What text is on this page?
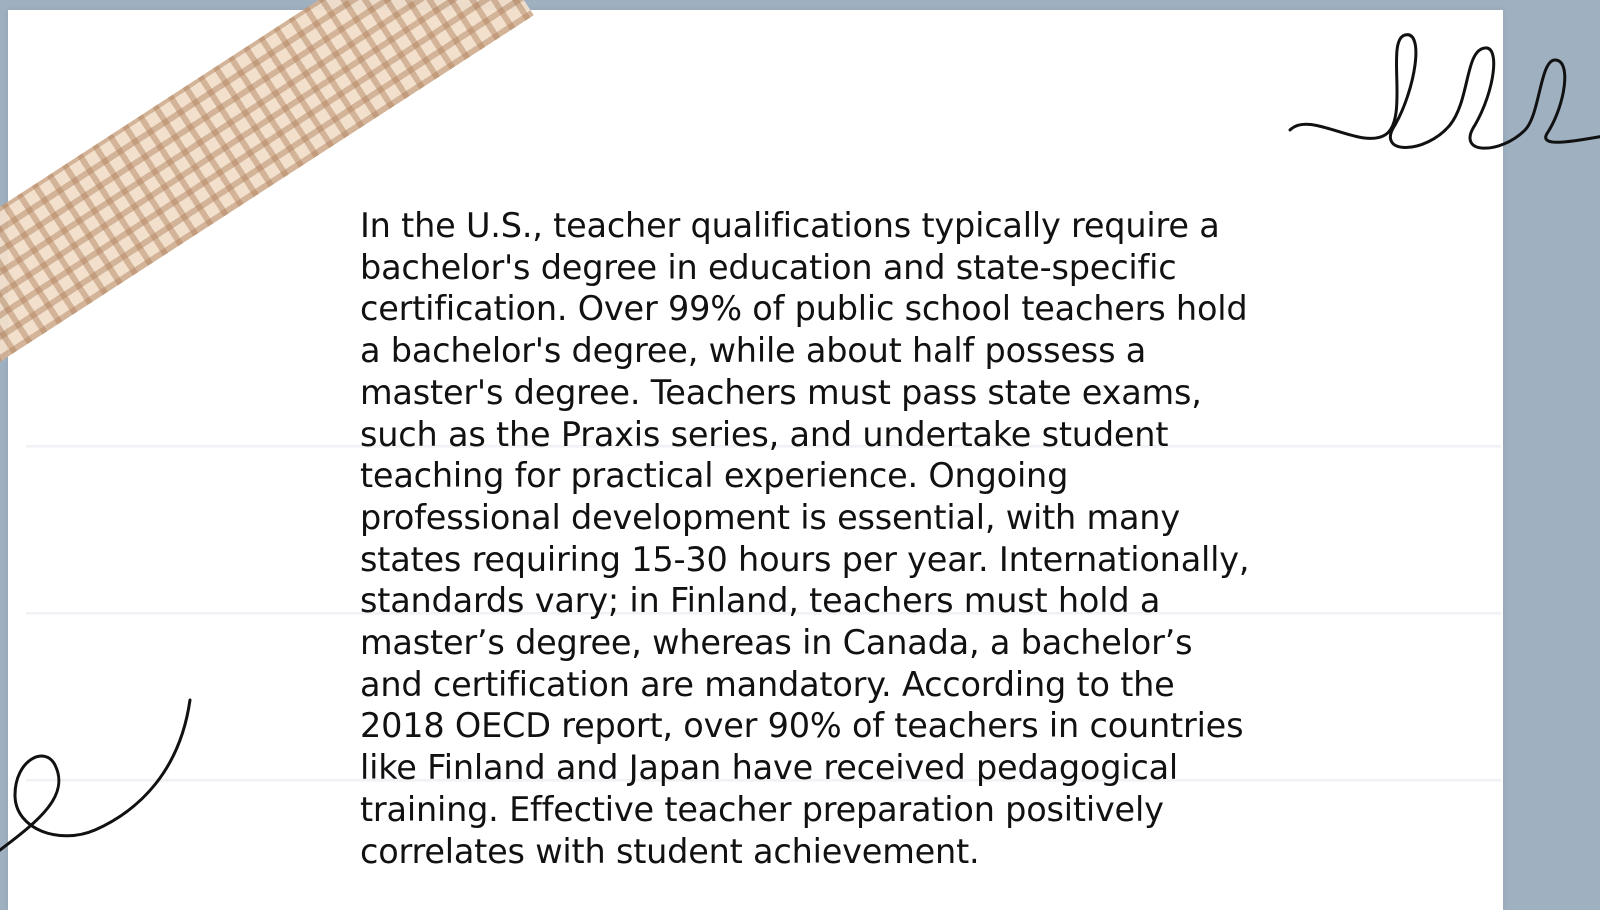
In the U.S., teacher qualifications typically require a bachelor's degree in education and state-specific certification. Over 99% of public school teachers hold a bachelor's degree, while about half possess a master's degree. Teachers must pass state exams, such as the Praxis series, and undertake student teaching for practical experience. Ongoing professional development is essential, with many states requiring 15-30 hours per year. Internationally, standards vary; in Finland, teachers must hold a master’s degree, whereas in Canada, a bachelor’s and certification are mandatory. According to the 2018 OECD report, over 90% of teachers in countries like Finland and Japan have received pedagogical training. Effective teacher preparation positively correlates with student achievement.
